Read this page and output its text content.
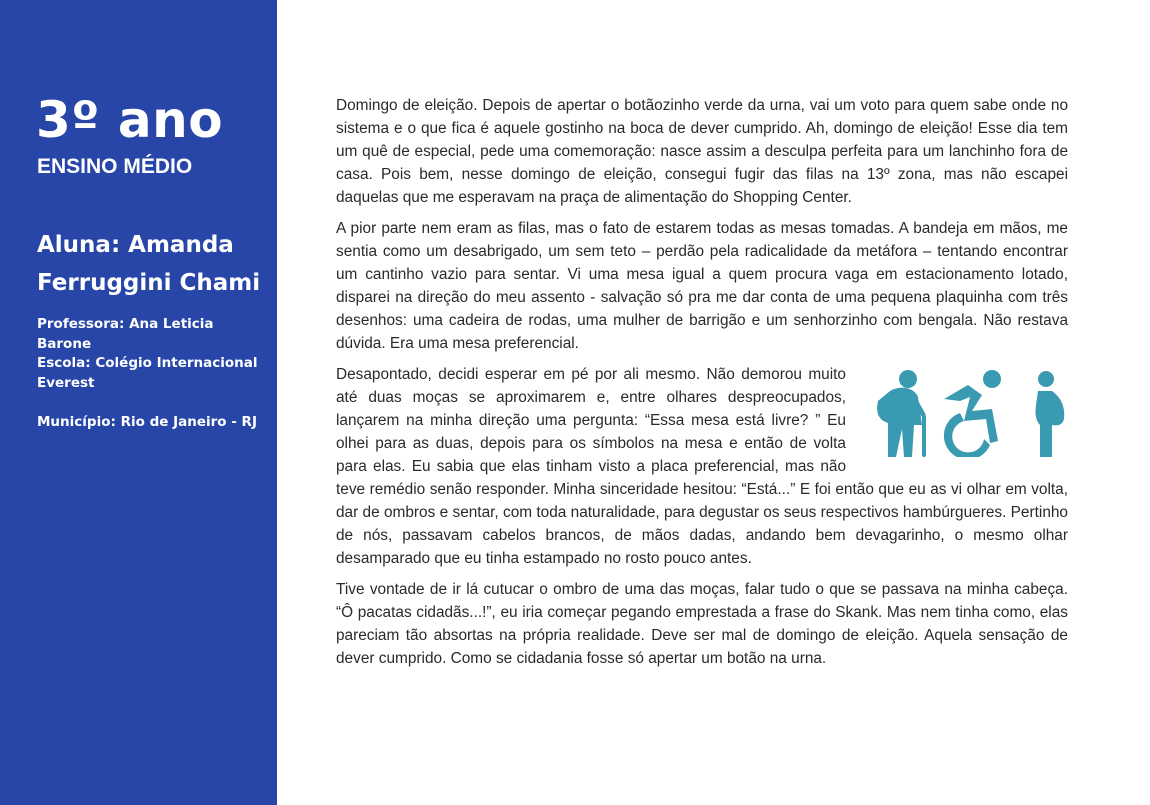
3º ano
ENSINO MÉDIO
Aluna: Amanda Ferruggini Chami
Professora: Ana Leticia Barone
Escola: Colégio Internacional Everest
Município: Rio de Janeiro - RJ

Domingo de eleição. Depois de apertar o botãozinho verde da urna, vai um voto para quem sabe onde no sistema e o que fica é aquele gostinho na boca de dever cumprido. Ah, domingo de eleição! Esse dia tem um quê de especial, pede uma comemoração: nasce assim a desculpa perfeita para um lanchinho fora de casa. Pois bem, nesse domingo de eleição, consegui fugir das filas na 13º zona, mas não escapei daquelas que me esperavam na praça de alimentação do Shopping Center.

A pior parte nem eram as filas, mas o fato de estarem todas as mesas tomadas. A bandeja em mãos, me sentia como um desabrigado, um sem teto – perdão pela radicalidade da metáfora – tentando encontrar um cantinho vazio para sentar. Vi uma mesa igual a quem procura vaga em estacionamento lotado, disparei na direção do meu assento - salvação só pra me dar conta de uma pequena plaquinha com três desenhos: uma cadeira de rodas, uma mulher de barrigão e um senhorzinho com bengala. Não restava dúvida. Era uma mesa preferencial.

Desapontado, decidi esperar em pé por ali mesmo. Não demorou muito até duas moças se aproximarem e, entre olhares despreocupados, lançarem na minha direção uma pergunta: “Essa mesa está livre? ” Eu olhei para as duas, depois para os símbolos na mesa e então de volta para elas. Eu sabia que elas tinham visto a placa preferencial, mas não teve remédio senão responder. Minha sinceridade hesitou: “Está...” E foi então que eu as vi olhar em volta, dar de ombros e sentar, com toda naturalidade, para degustar os seus respectivos hambúrgueres. Pertinho de nós, passavam cabelos brancos, de mãos dadas, andando bem devagarinho, o mesmo olhar desamparado que eu tinha estampado no rosto pouco antes.

Tive vontade de ir lá cutucar o ombro de uma das moças, falar tudo o que se passava na minha cabeça. “Ô pacatas cidadãs...!”, eu iria começar pegando emprestada a frase do Skank. Mas nem tinha como, elas pareciam tão absortas na própria realidade. Deve ser mal de domingo de eleição. Aquela sensação de dever cumprido. Como se cidadania fosse só apertar um botão na urna.
